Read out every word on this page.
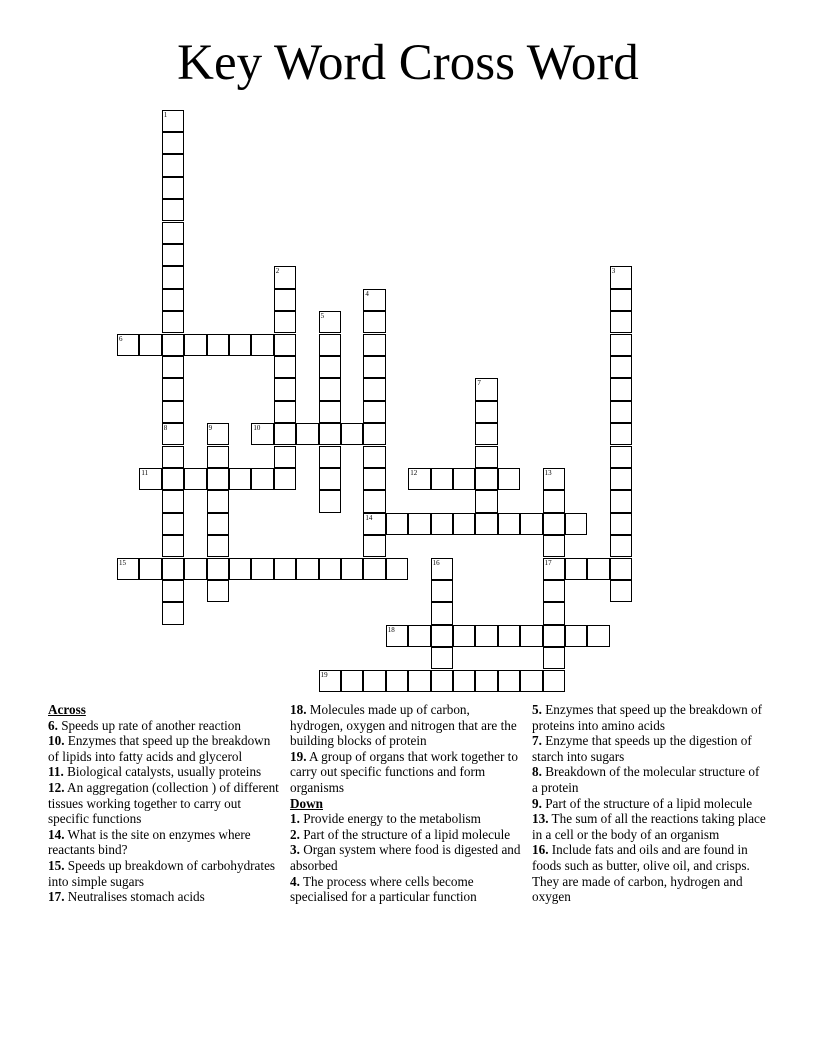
Key Word Cross Word
1
8
2	3
4
14
5
6
7
9	10
11	12	13
17
15	16
18
19
Across
6. Speeds up rate of another reaction
10. Enzymes that speed up the breakdown of lipids into fatty acids and glycerol
11. Biological catalysts, usually proteins
12. An aggregation (collection ) of different tissues working together to carry out specific functions
14. What is the site on enzymes where reactants bind?
15. Speeds up breakdown of carbohydrates into simple sugars
17. Neutralises stomach acids
18. Molecules made up of carbon, hydrogen, oxygen and nitrogen that are the building blocks of protein
19. A group of organs that work together to carry out specific functions and form organisms
Down
1. Provide energy to the metabolism
2. Part of the structure of a lipid molecule
3. Organ system where food is digested and absorbed
4. The process where cells become specialised for a particular function
5. Enzymes that speed up the breakdown of proteins into amino acids
7. Enzyme that speeds up the digestion of starch into sugars
8. Breakdown of the molecular structure of a protein
9. Part of the structure of a lipid molecule
13. The sum of all the reactions taking place in a cell or the body of an organism
16. Include fats and oils and are found in foods such as butter, olive oil, and crisps. They are made of carbon, hydrogen and oxygen
